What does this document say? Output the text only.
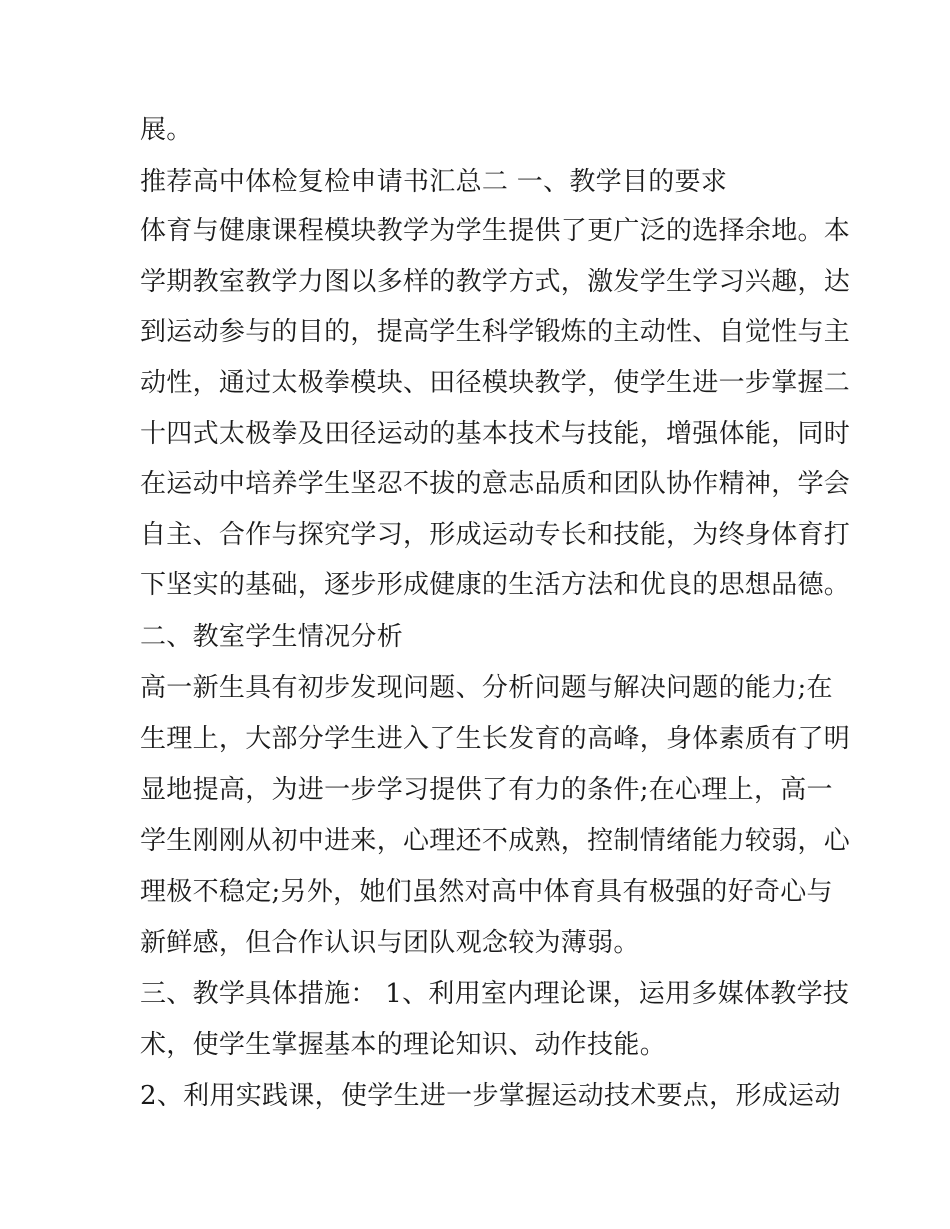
展。
推荐高中体检复检申请书汇总二 一、教学目的要求
体育与健康课程模块教学为学生提供了更广泛的选择余地。本
学期教室教学力图以多样的教学方式，激发学生学习兴趣，达
到运动参与的目的，提高学生科学锻炼的主动性、自觉性与主
动性，通过太极拳模块、田径模块教学，使学生进一步掌握二
十四式太极拳及田径运动的基本技术与技能，增强体能，同时
在运动中培养学生坚忍不拔的意志品质和团队协作精神，学会
自主、合作与探究学习，形成运动专长和技能，为终身体育打
下坚实的基础，逐步形成健康的生活方法和优良的思想品德。
二、教室学生情况分析
高一新生具有初步发现问题、分析问题与解决问题的能力;在
生理上，大部分学生进入了生长发育的高峰，身体素质有了明
显地提高，为进一步学习提供了有力的条件;在心理上，高一
学生刚刚从初中进来，心理还不成熟，控制情绪能力较弱，心
理极不稳定;另外，她们虽然对高中体育具有极强的好奇心与
新鲜感，但合作认识与团队观念较为薄弱。
三、教学具体措施： 1、利用室内理论课，运用多媒体教学技
术，使学生掌握基本的理论知识、动作技能。
2、利用实践课，使学生进一步掌握运动技术要点，形成运动
